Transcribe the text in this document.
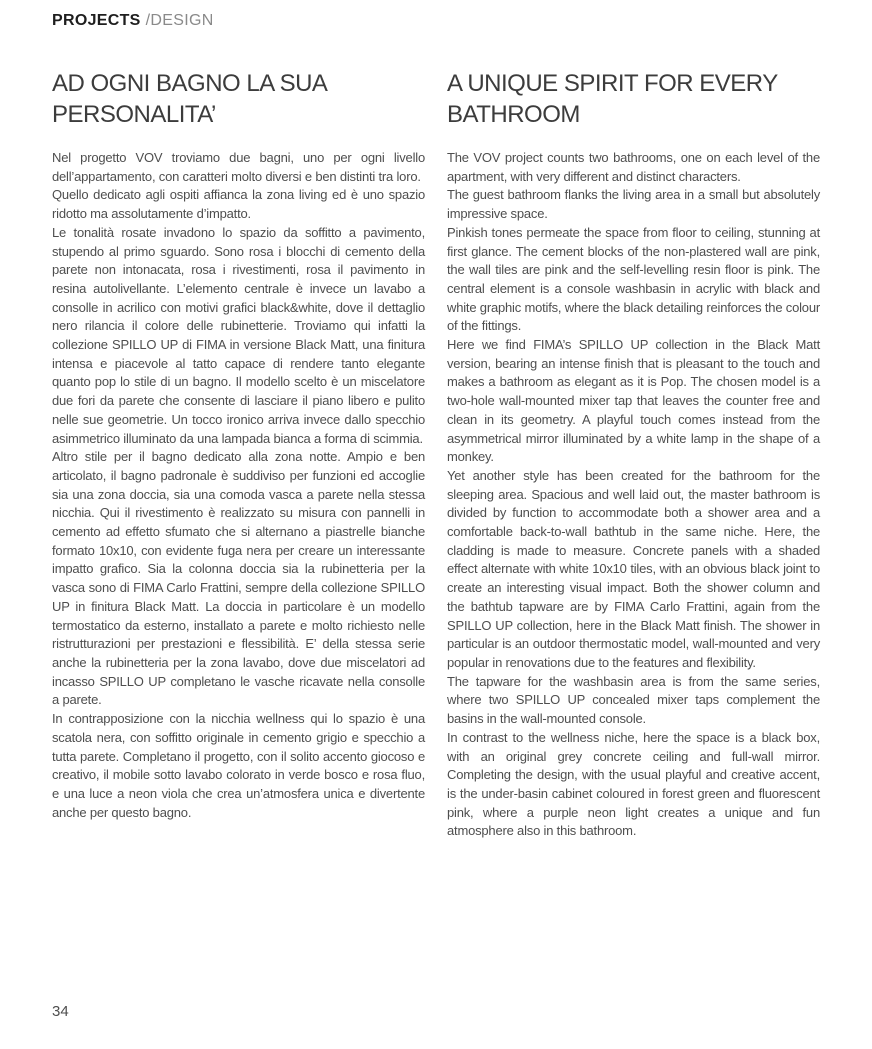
PROJECTS /DESIGN
AD OGNI BAGNO LA SUA
PERSONALITA’

Nel progetto VOV troviamo due bagni, uno per ogni livello dell’appartamento, con caratteri molto diversi e ben distinti tra loro.

Quello dedicato agli ospiti affianca la zona living ed è uno spazio ridotto ma assolutamente d’impatto.

Le tonalità rosate invadono lo spazio da soffitto a pavimento, stupendo al primo sguardo. Sono rosa i blocchi di cemento della parete non intonacata, rosa i rivestimenti, rosa il pavimento in resina autolivellante. L’elemento centrale è invece un lavabo a consolle in acrilico con motivi grafici black&white, dove il dettaglio nero rilancia il colore delle rubinetterie. Troviamo qui infatti la collezione SPILLO UP di FIMA in versione Black Matt, una finitura intensa e piacevole al tatto capace di rendere tanto elegante quanto pop lo stile di un bagno. Il modello scelto è un miscelatore due fori da parete che consente di lasciare il piano libero e pulito nelle sue geometrie. Un tocco ironico arriva invece dallo specchio asimmetrico illuminato da una lampada bianca a forma di scimmia.

Altro stile per il bagno dedicato alla zona notte. Ampio e ben articolato, il bagno padronale è suddiviso per funzioni ed accoglie sia una zona doccia, sia una comoda vasca a parete nella stessa nicchia. Qui il rivestimento è realizzato su misura con pannelli in cemento ad effetto sfumato che si alternano a piastrelle bianche formato 10x10, con evidente fuga nera per creare un interessante impatto grafico. Sia la colonna doccia sia la rubinetteria per la vasca sono di FIMA Carlo Frattini, sempre della collezione SPILLO UP in finitura Black Matt. La doccia in particolare è un modello termostatico da esterno, installato a parete e molto richiesto nelle ristrutturazioni per prestazioni e flessibilità. E’ della stessa serie anche la rubinetteria per la zona lavabo, dove due miscelatori ad incasso SPILLO UP completano le vasche ricavate nella consolle a parete.

In contrapposizione con la nicchia wellness qui lo spazio è una scatola nera, con soffitto originale in cemento grigio e specchio a tutta parete. Completano il progetto, con il solito accento giocoso e creativo, il mobile sotto lavabo colorato in verde bosco e rosa fluo, e una luce a neon viola che crea un’atmosfera unica e divertente anche per questo bagno.

A UNIQUE SPIRIT FOR EVERY
BATHROOM

The VOV project counts two bathrooms, one on each level of the apartment, with very different and distinct characters.

The guest bathroom flanks the living area in a small but absolutely impressive space.

Pinkish tones permeate the space from floor to ceiling, stunning at first glance. The cement blocks of the non-plastered wall are pink, the wall tiles are pink and the self-levelling resin floor is pink. The central element is a console washbasin in acrylic with black and white graphic motifs, where the black detailing reinforces the colour of the fittings.

Here we find FIMA’s SPILLO UP collection in the Black Matt version, bearing an intense finish that is pleasant to the touch and makes a bathroom as elegant as it is Pop. The chosen model is a two-hole wall-mounted mixer tap that leaves the counter free and clean in its geometry. A playful touch comes instead from the asymmetrical mirror illuminated by a white lamp in the shape of a monkey.

Yet another style has been created for the bathroom for the sleeping area. Spacious and well laid out, the master bathroom is divided by function to accommodate both a shower area and a comfortable back-to-wall bathtub in the same niche. Here, the cladding is made to measure. Concrete panels with a shaded effect alternate with white 10x10 tiles, with an obvious black joint to create an interesting visual impact. Both the shower column and the bathtub tapware are by FIMA Carlo Frattini, again from the SPILLO UP collection, here in the Black Matt finish. The shower in particular is an outdoor thermostatic model, wall-mounted and very popular in renovations due to the features and flexibility.

The tapware for the washbasin area is from the same series, where two SPILLO UP concealed mixer taps complement the basins in the wall-mounted console.

In contrast to the wellness niche, here the space is a black box, with an original grey concrete ceiling and full-wall mirror. Completing the design, with the usual playful and creative accent, is the under-basin cabinet coloured in forest green and fluorescent pink, where a purple neon light creates a unique and fun atmosphere also in this bathroom.

34
